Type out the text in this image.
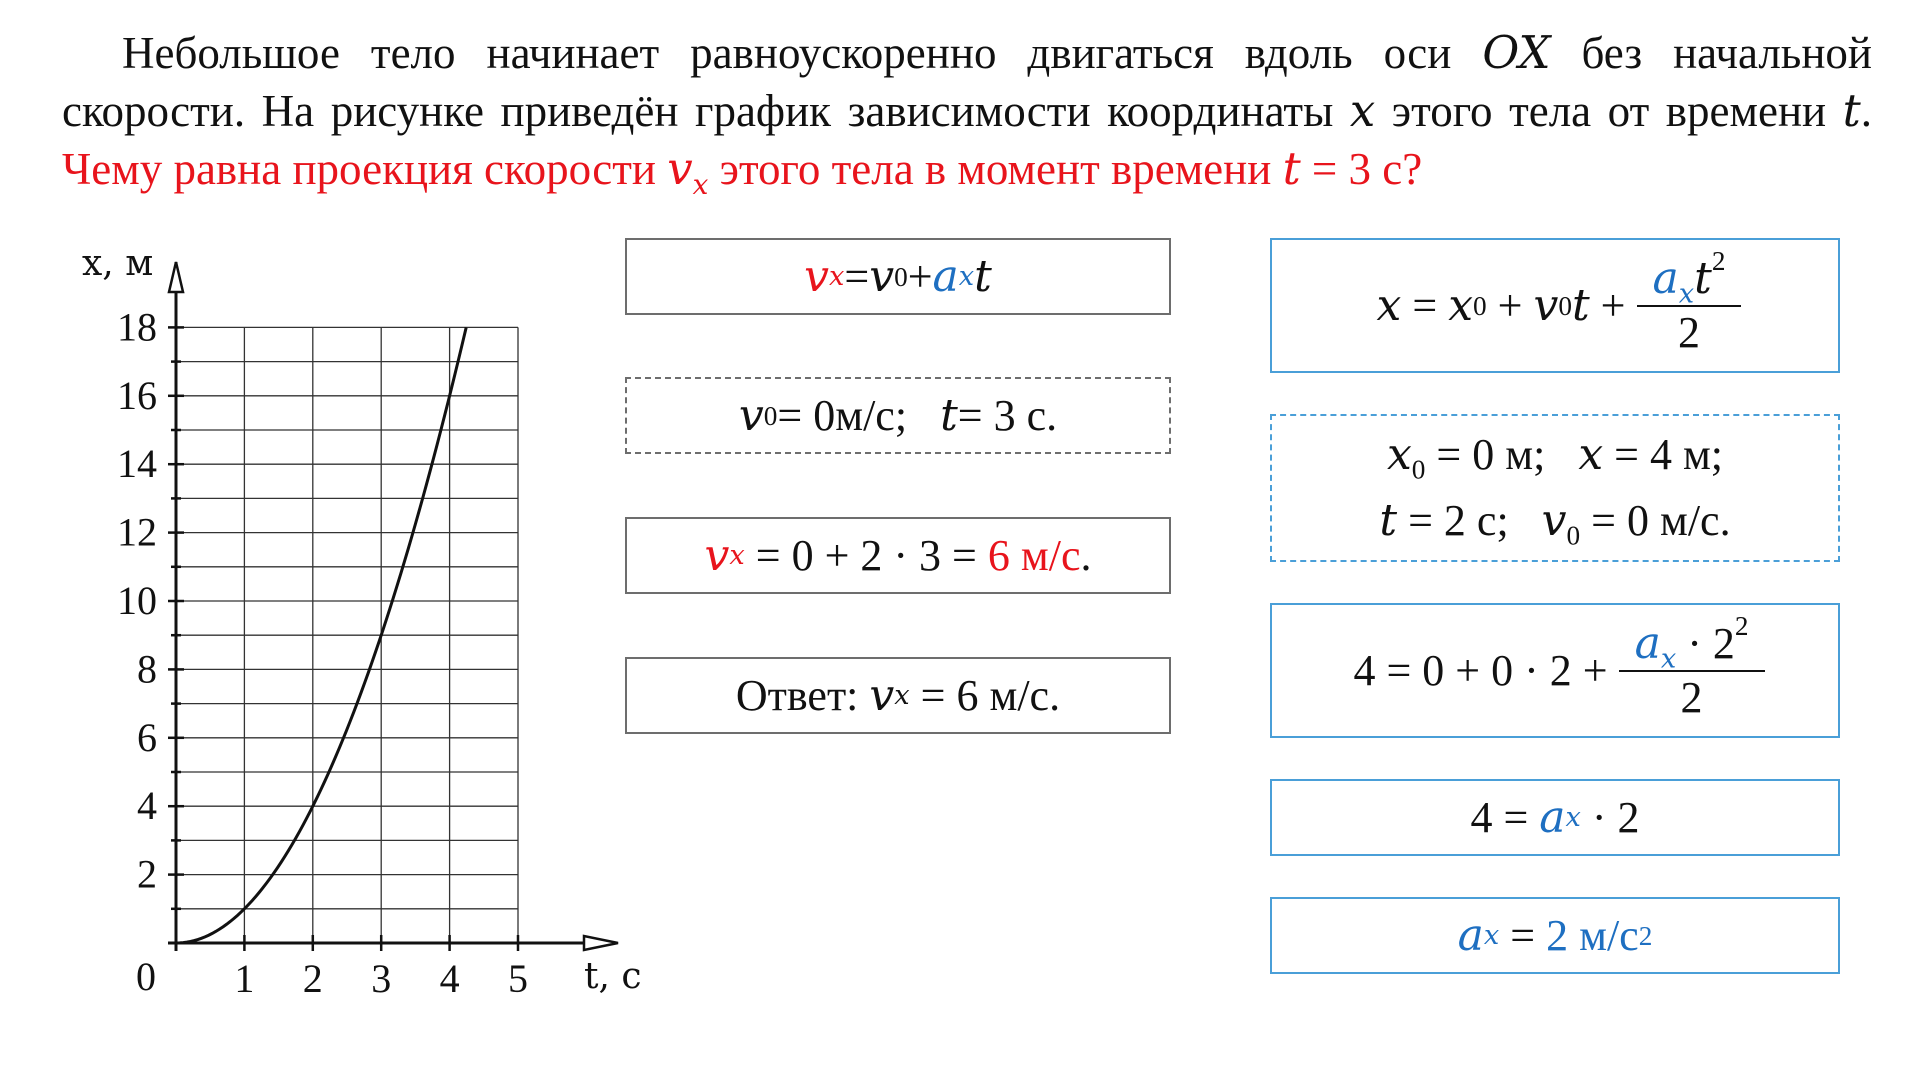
Небольшое тело начинает равноускоренно двигаться вдоль оси OX без начальной скорости. На рисунке приведён график зависимости координаты x этого тела от времени t. Чему равна проекция скорости $v_x$ этого тела в момент времени t = 3 с?
x, м
t, с
0 1 2 3 4 5
2
4
6
8
10
12
14
16
18
v x = v 0 + a x t
v 0 = 0 м/с ; t = 3 с.
v x = 0 + 2 · 3 = 6 м/с .
Ответ: v x = 6 м/с.
x = x 0 + v 0 $t + \frac{a_xt^2}{2}$
$x_0 = 0$ м;   x = 4 м;
t = 2 с;   $v_0 = 0$ м/с.
$4 = 0 + 0 \cdot 2 + \frac{a_x \cdot 2^2}{2}$
4 = a x · 2
a x = 2 м/с 2
